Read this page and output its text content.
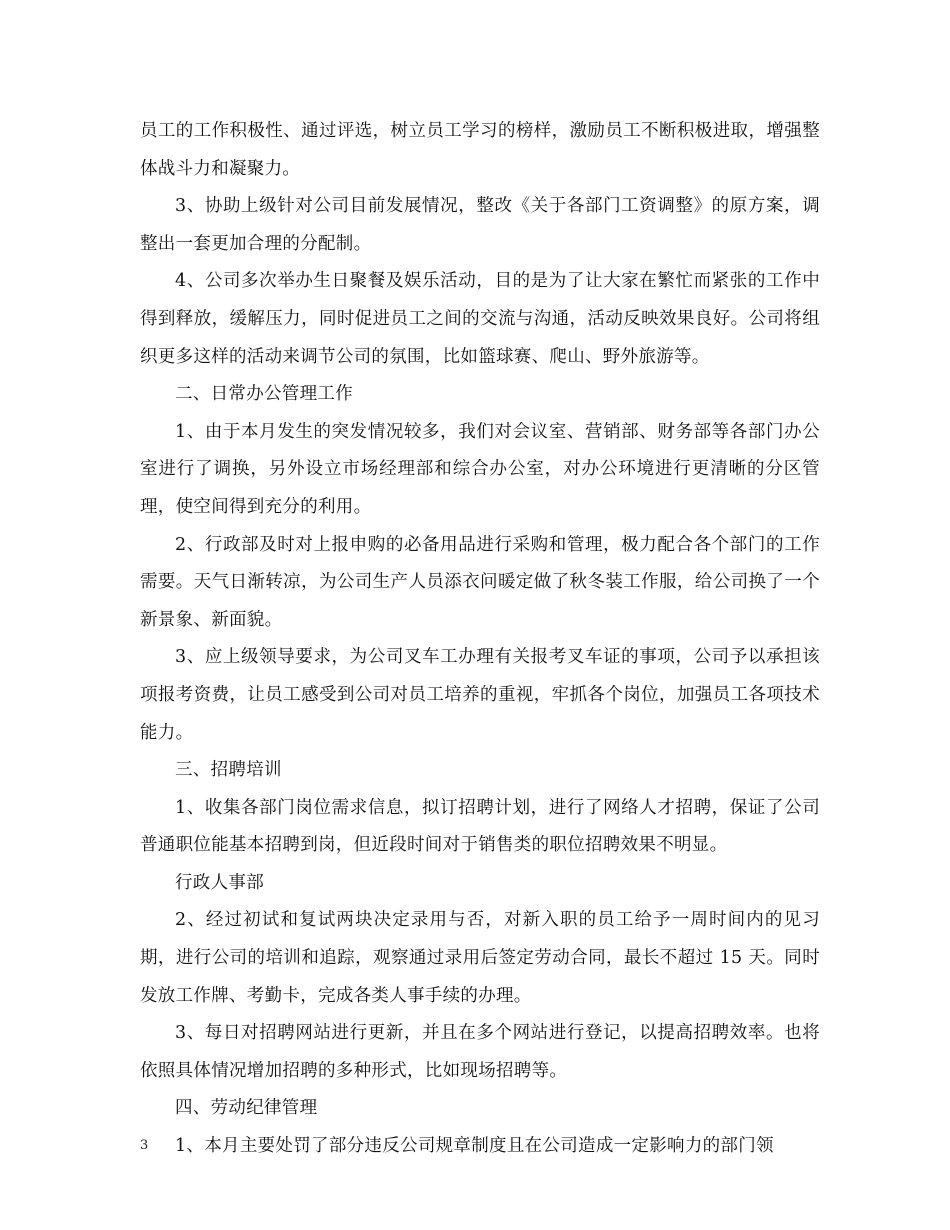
员工的工作积极性、通过评选，树立员工学习的榜样，激励员工不断积极进取，增强整体战斗力和凝聚力。

3、协助上级针对公司目前发展情况，整改《关于各部门工资调整》的原方案，调整出一套更加合理的分配制。

4、公司多次举办生日聚餐及娱乐活动，目的是为了让大家在繁忙而紧张的工作中得到释放，缓解压力，同时促进员工之间的交流与沟通，活动反映效果良好。公司将组织更多这样的活动来调节公司的氛围，比如篮球赛、爬山、野外旅游等。

二、日常办公管理工作

1、由于本月发生的突发情况较多，我们对会议室、营销部、财务部等各部门办公室进行了调换，另外设立市场经理部和综合办公室，对办公环境进行更清晰的分区管理，使空间得到充分的利用。

2、行政部及时对上报申购的必备用品进行采购和管理，极力配合各个部门的工作需要。天气日渐转凉，为公司生产人员添衣问暖定做了秋冬装工作服，给公司换了一个新景象、新面貌。

3、应上级领导要求，为公司叉车工办理有关报考叉车证的事项，公司予以承担该项报考资费，让员工感受到公司对员工培养的重视，牢抓各个岗位，加强员工各项技术能力。

三、招聘培训

1、收集各部门岗位需求信息，拟订招聘计划，进行了网络人才招聘，保证了公司普通职位能基本招聘到岗，但近段时间对于销售类的职位招聘效果不明显。

行政人事部

2、经过初试和复试两块决定录用与否，对新入职的员工给予一周时间内的见习期，进行公司的培训和追踪，观察通过录用后签定劳动合同，最长不超过 15 天。同时发放工作牌、考勤卡，完成各类人事手续的办理。

3、每日对招聘网站进行更新，并且在多个网站进行登记，以提高招聘效率。也将依照具体情况增加招聘的多种形式，比如现场招聘等。

四、劳动纪律管理

1、本月主要处罚了部分违反公司规章制度且在公司造成一定影响力的部门领

3
